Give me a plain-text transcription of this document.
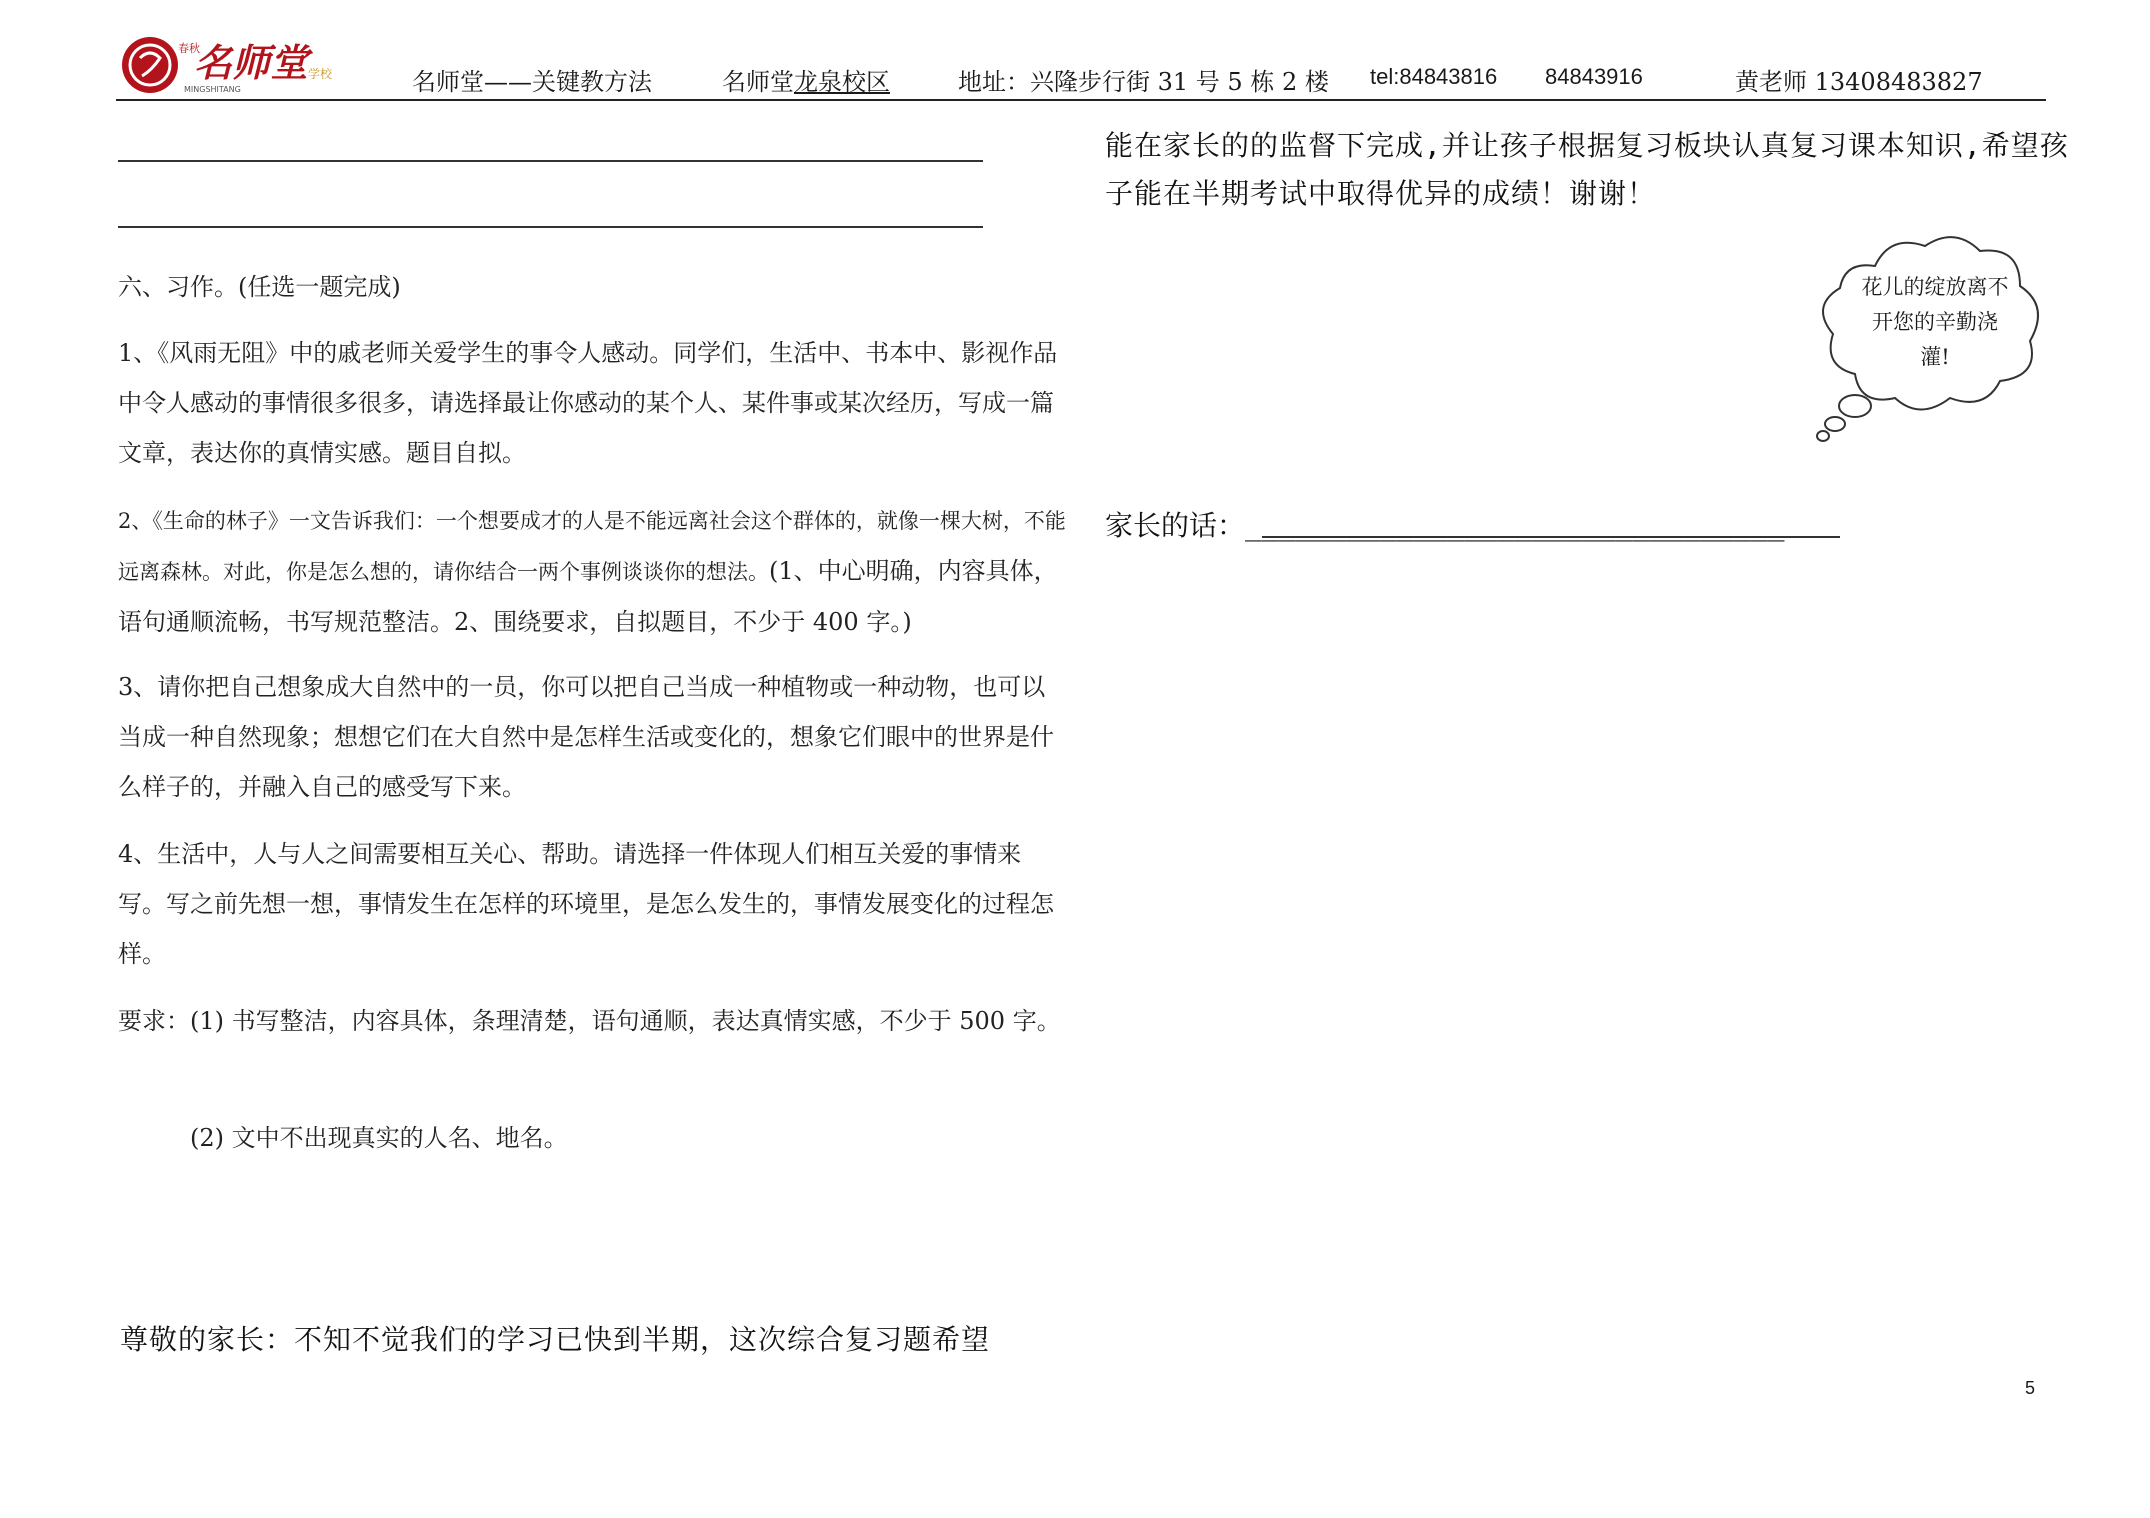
春秋
名师堂 学校
MINGSHITANG	名师堂——关键教方法	名师堂龙泉校区	地址：兴隆步行街 31 号 5 栋 2 楼 tel:84843816 84843916	黄老师 13408483827
六、习作。(任选一题完成)
1、《风雨无阻》中的戚老师关爱学生的事令人感动。同学们，生活中、书本中、影视作品中令人感动的事情很多很多，请选择最让你感动的某个人、某件事或某次经历，写成一篇文章，表达你的真情实感。题目自拟。
2、《生命的林子》一文告诉我们：一个想要成才的人是不能远离社会这个群体的，就像一棵大树，不能远离森林。对此，你是怎么想的，请你结合一两个事例谈谈你的想法。(1、中心明确，内容具体，语句通顺流畅，书写规范整洁。2、围绕要求，自拟题目，不少于 400 字。)
3、请你把自己想象成大自然中的一员，你可以把自己当成一种植物或一种动物，也可以当成一种自然现象；想想它们在大自然中是怎样生活或变化的，想象它们眼中的世界是什么样子的，并融入自己的感受写下来。
4、生活中，人与人之间需要相互关心、帮助。请选择一件体现人们相互关爱的事情来写。写之前先想一想，事情发生在怎样的环境里，是怎么发生的，事情发展变化的过程怎样。
要求：(1) 书写整洁，内容具体，条理清楚，语句通顺，表达真情实感，不少于 500 字。
(2) 文中不出现真实的人名、地名。
尊敬的家长：不知不觉我们的学习已快到半期，这次综合复习题希望
能在家长的的监督下完成,并让孩子根据复习板块认真复习课本知识,希望孩子能在半期考试中取得优异的成绩！谢谢！
花儿的绽放离不开您的辛勤浇灌!
家长的话：________________________________
5
